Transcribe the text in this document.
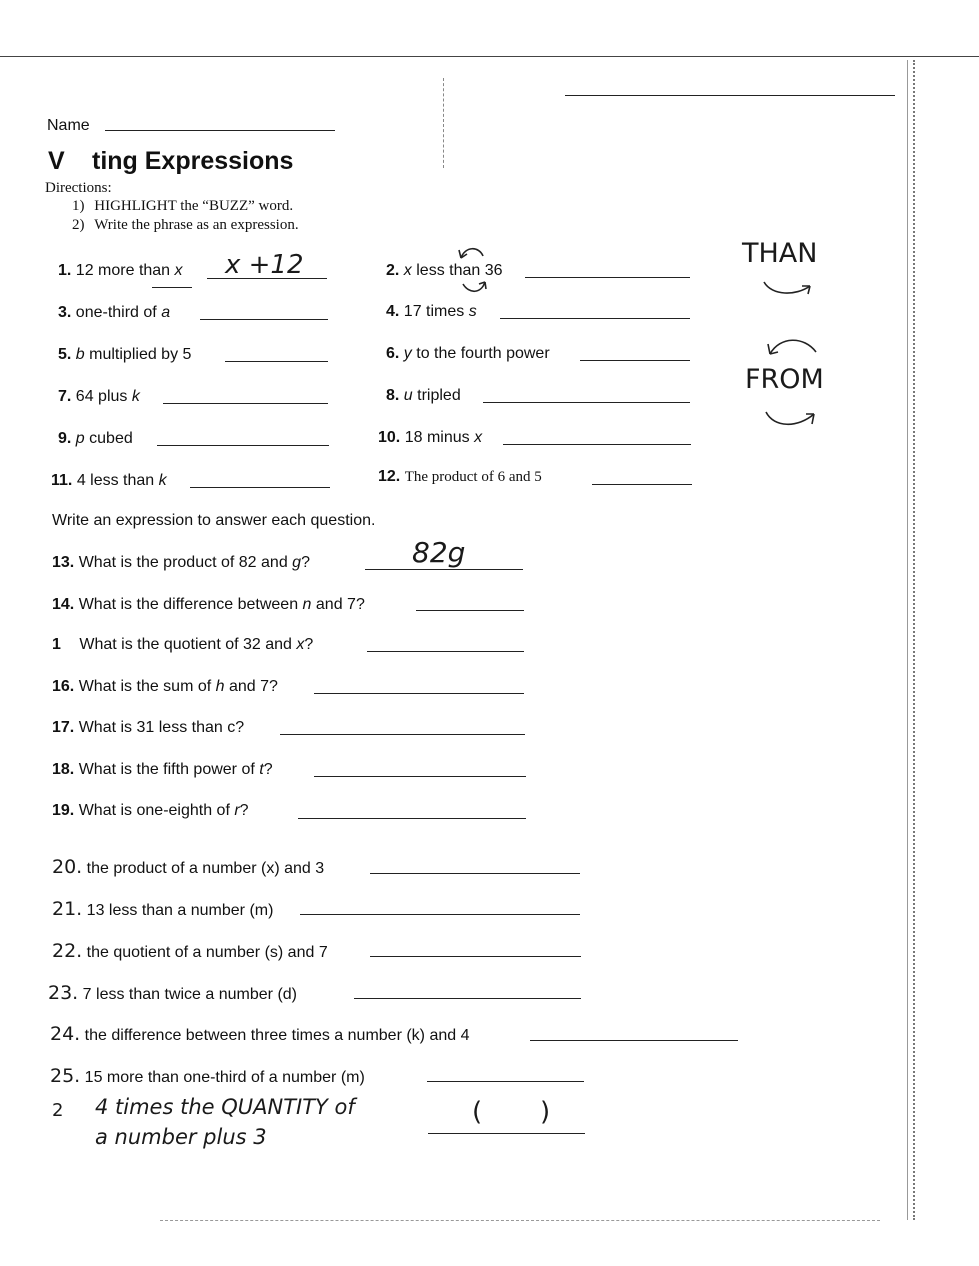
Name
V ting Expressions
Directions:
1) HIGHLIGHT the “BUZZ” word.
2) Write the phrase as an expression.
1. 12 more than x x +12	2. x less than 36
3. one-third of a	4. 17 times s
5. b multiplied by 5	6. y to the fourth power
7. 64 plus k	8. u tripled
9. p cubed	10. 18 minus x
11. 4 less than k	12. The product of 6 and 5
THAN
FROM
Write an expression to answer each question.
13. What is the product of 82 and g?	82g
14. What is the difference between n and 7?
1 What is the quotient of 32 and x?
16. What is the sum of h and 7?
17. What is 31 less than c?
18. What is the fifth power of t?
19. What is one-eighth of r?
20. the product of a number (x) and 3
21. 13 less than a number (m)
22. the quotient of a number (s) and 7
23. 7 less than twice a number (d)
24. the difference between three times a number (k) and 4
25. 15 more than one-third of a number (m)
2 4 times the QUANTITY of
a number plus 3
(       )
